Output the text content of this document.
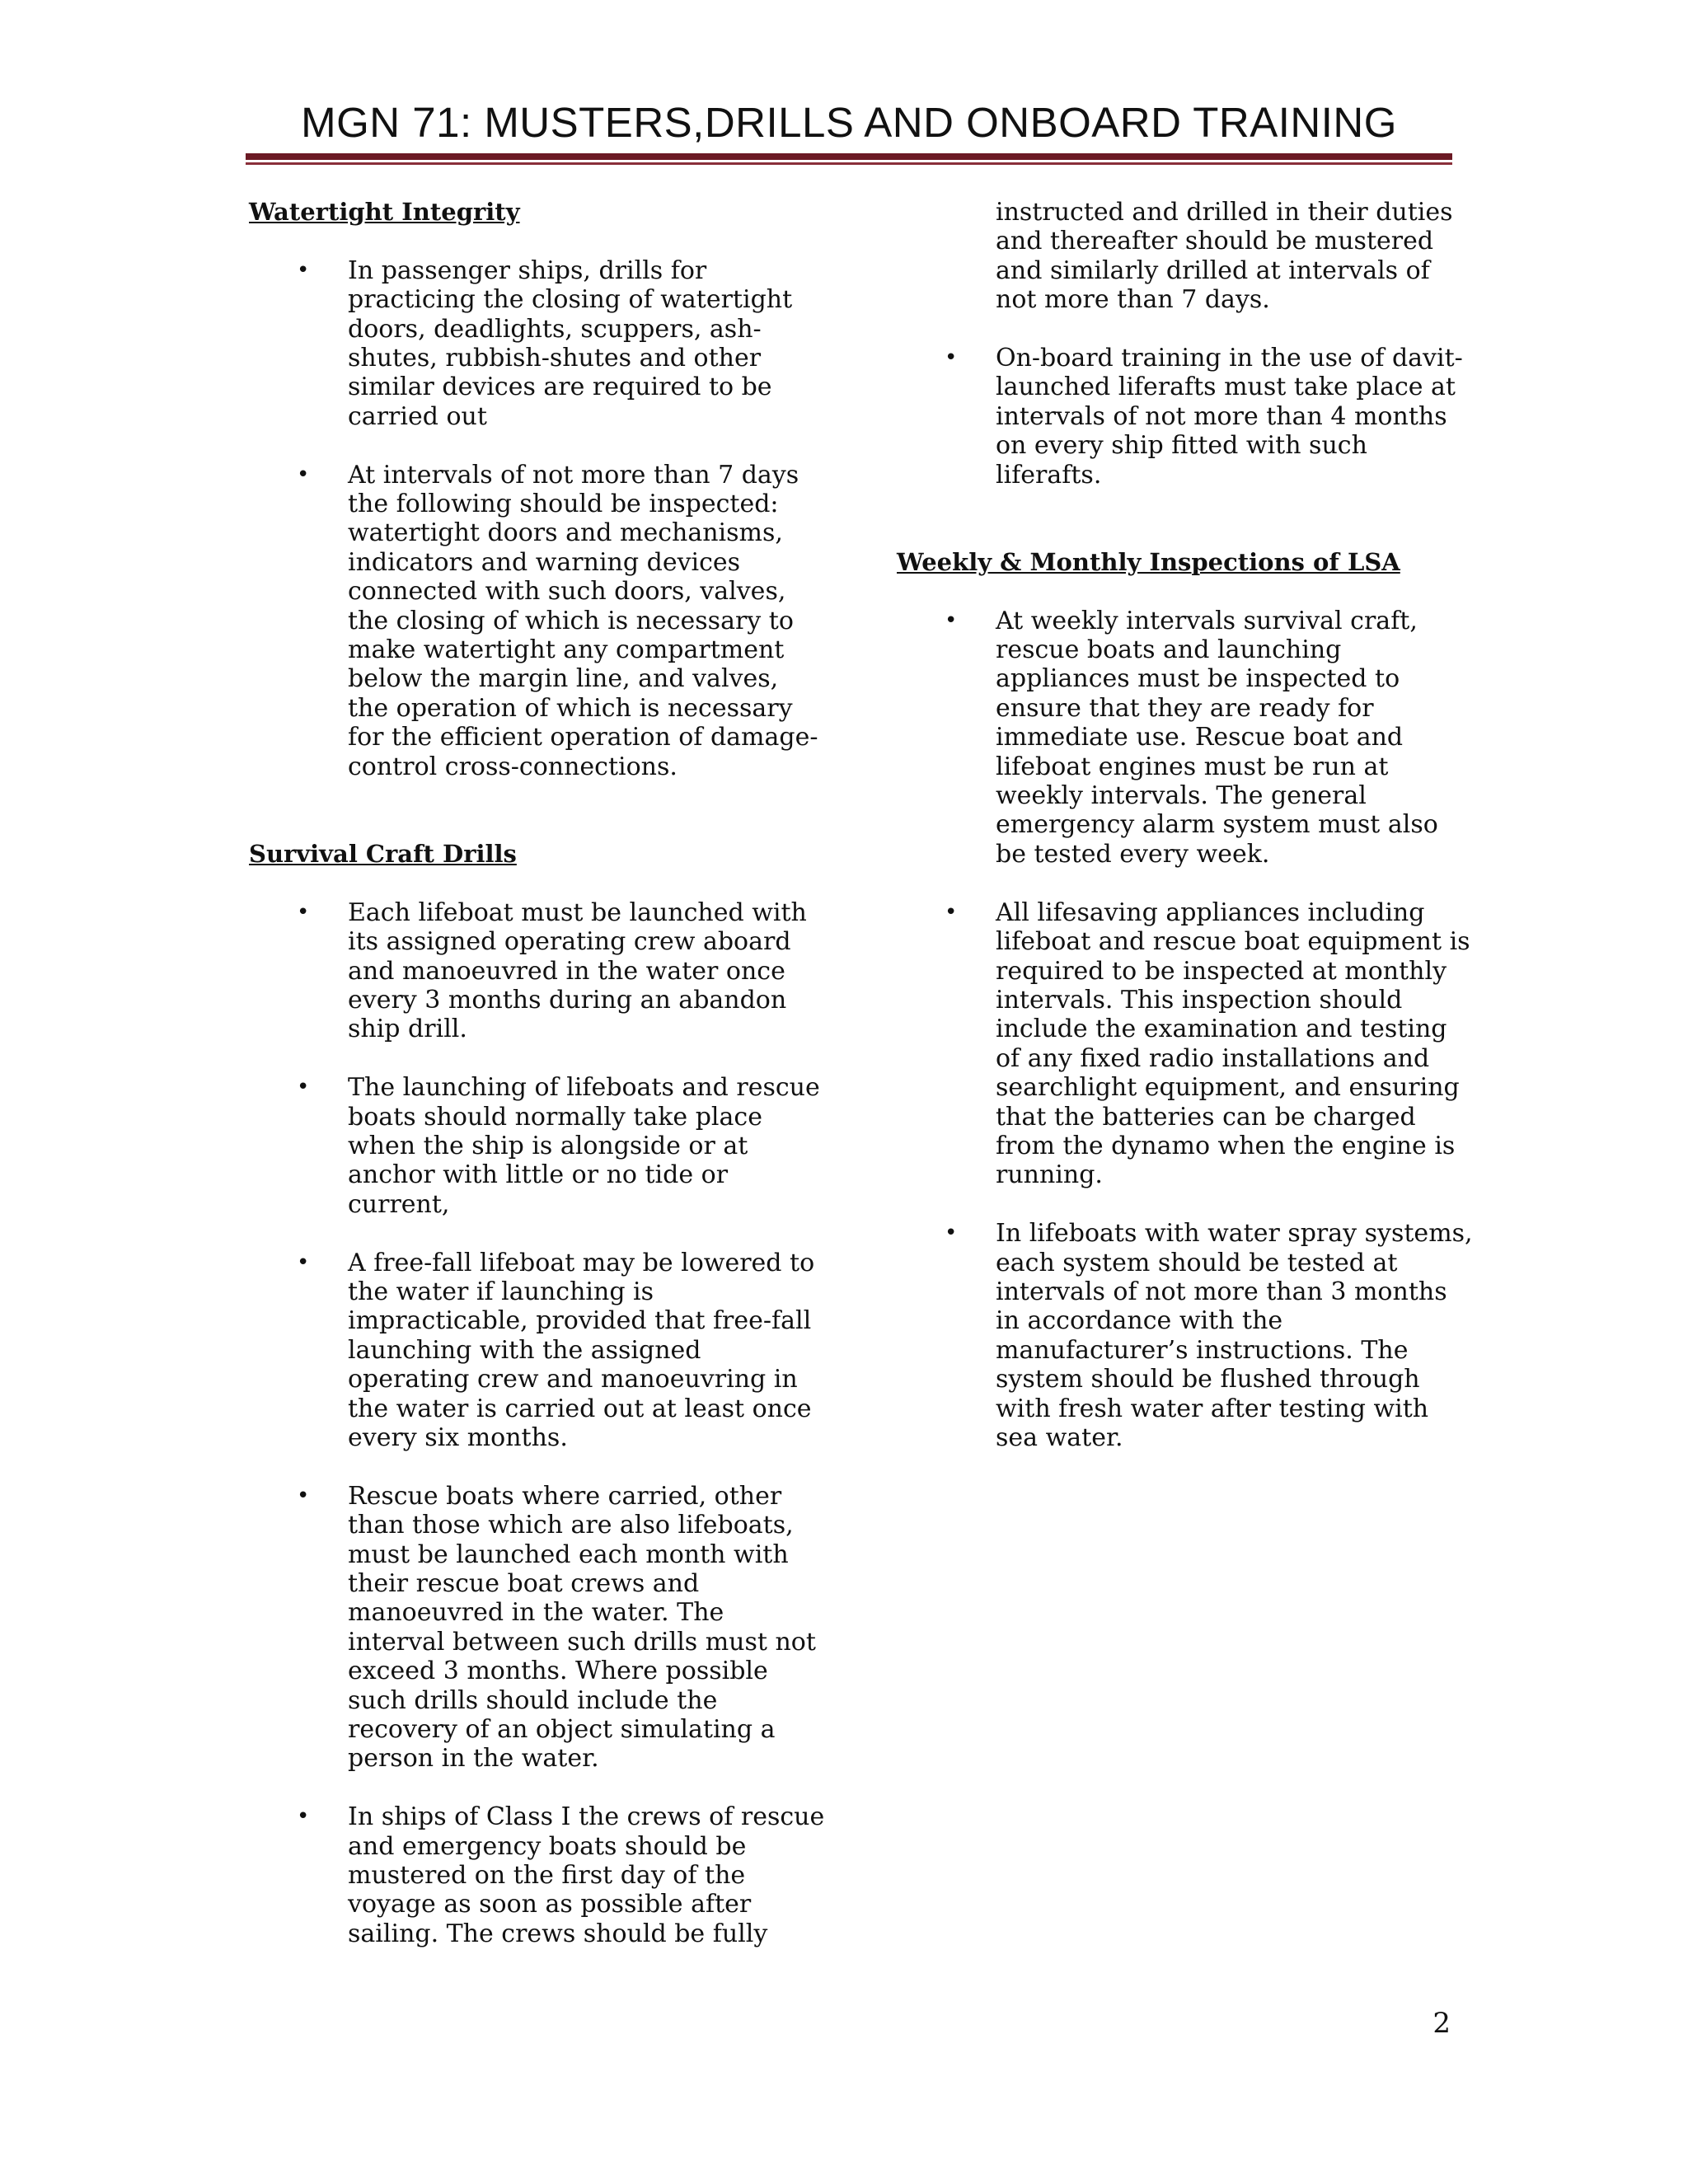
MGN 71: MUSTERS,DRILLS AND ONBOARD TRAINING

Watertight Integrity

• In passenger ships, drills for practicing the closing of watertight doors, deadlights, scuppers, ash-shutes, rubbish-shutes and other similar devices are required to be carried out
• At intervals of not more than 7 days the following should be inspected: watertight doors and mechanisms, indicators and warning devices connected with such doors, valves, the closing of which is necessary to make watertight any compartment below the margin line, and valves, the operation of which is necessary for the efficient operation of damage-control cross-connections.

Survival Craft Drills

• Each lifeboat must be launched with its assigned operating crew aboard and manoeuvred in the water once every 3 months during an abandon ship drill.
• The launching of lifeboats and rescue boats should normally take place when the ship is alongside or at anchor with little or no tide or current,
• A free-fall lifeboat may be lowered to the water if launching is impracticable, provided that free-fall launching with the assigned operating crew and manoeuvring in the water is carried out at least once every six months.
• Rescue boats where carried, other than those which are also lifeboats, must be launched each month with their rescue boat crews and manoeuvred in the water. The interval between such drills must not exceed 3 months. Where possible such drills should include the recovery of an object simulating a person in the water.
• In ships of Class I the crews of rescue and emergency boats should be mustered on the first day of the voyage as soon as possible after sailing. The crews should be fully
instructed and drilled in their duties and thereafter should be mustered and similarly drilled at intervals of not more than 7 days.
• On-board training in the use of davit-launched liferafts must take place at intervals of not more than 4 months on every ship fitted with such liferafts.

Weekly & Monthly Inspections of LSA

• At weekly intervals survival craft, rescue boats and launching appliances must be inspected to ensure that they are ready for immediate use. Rescue boat and lifeboat engines must be run at weekly intervals. The general emergency alarm system must also be tested every week.
• All lifesaving appliances including lifeboat and rescue boat equipment is required to be inspected at monthly intervals. This inspection should include the examination and testing of any fixed radio installations and searchlight equipment, and ensuring that the batteries can be charged from the dynamo when the engine is running.
• In lifeboats with water spray systems, each system should be tested at intervals of not more than 3 months in accordance with the manufacturer’s instructions. The system should be flushed through with fresh water after testing with sea water.
2
